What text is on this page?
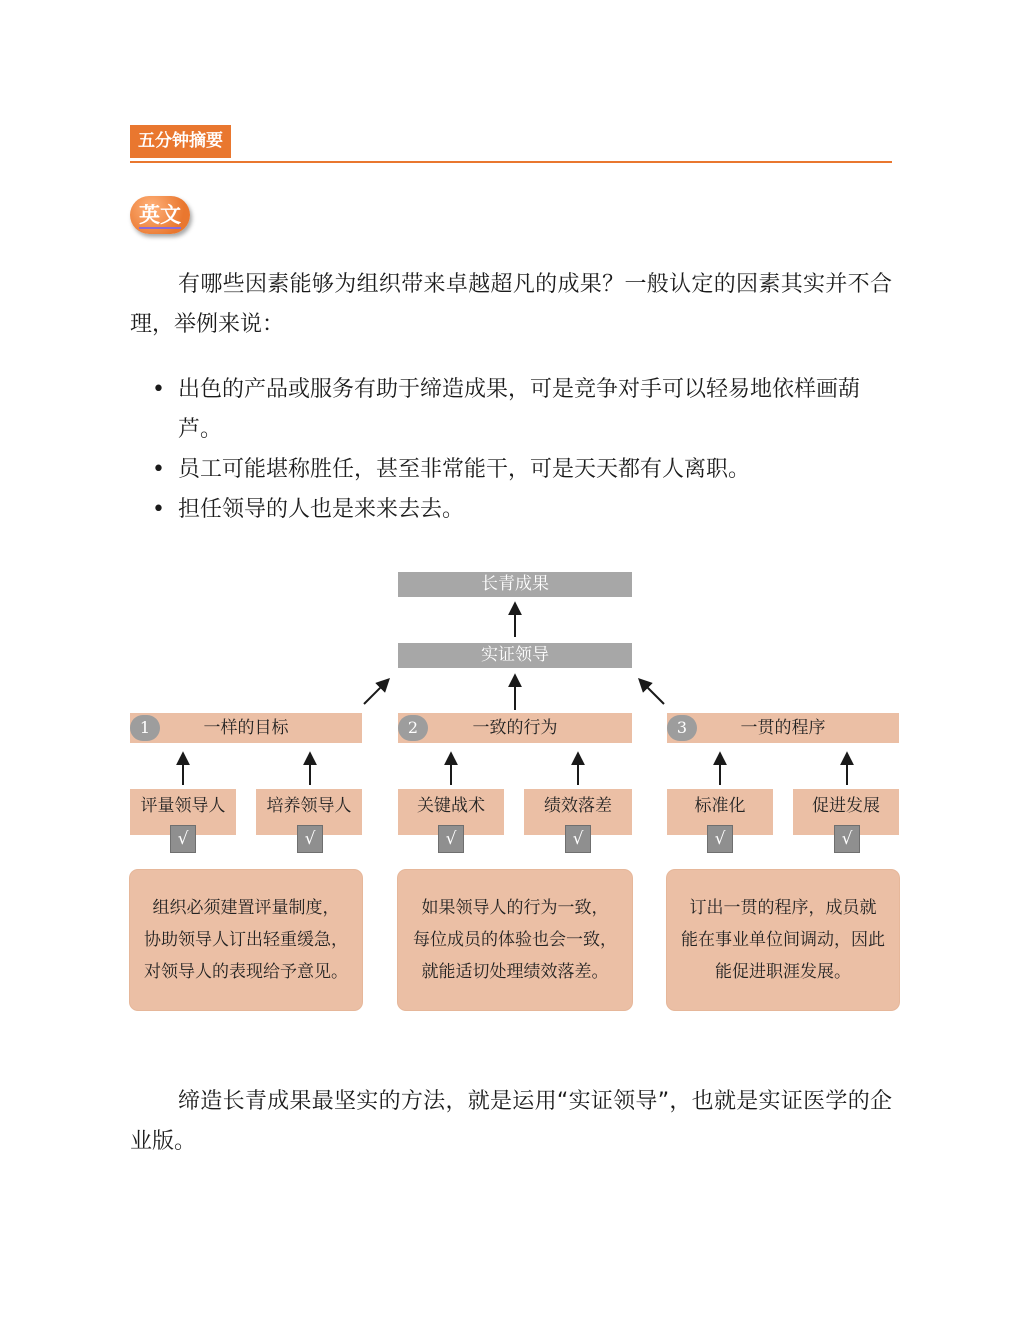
五分钟摘要
英文

有哪些因素能够为组织带来卓越超凡的成果？一般认定的因素其实并不合理，举例来说：

• 出色的产品或服务有助于缔造成果，可是竞争对手可以轻易地依样画葫芦。
• 员工可能堪称胜任，甚至非常能干，可是天天都有人离职。
• 担任领导的人也是来来去去。
长青成果
实证领导
一样的目标
1	一致的行为
2	一贯的程序
3
评量领导人	培养领导人	关键战术	绩效落差	标准化	促进发展
√	√	√	√	√	√
组织必须建置评量制度，
协助领导人订出轻重缓急，
对领导人的表现给予意见。
如果领导人的行为一致，
每位成员的体验也会一致，
就能适切处理绩效落差。
订出一贯的程序，成员就
能在事业单位间调动，因此
能促进职涯发展。

缔造长青成果最坚实的方法，就是运用“实证领导”，也就是实证医学的企业版。
